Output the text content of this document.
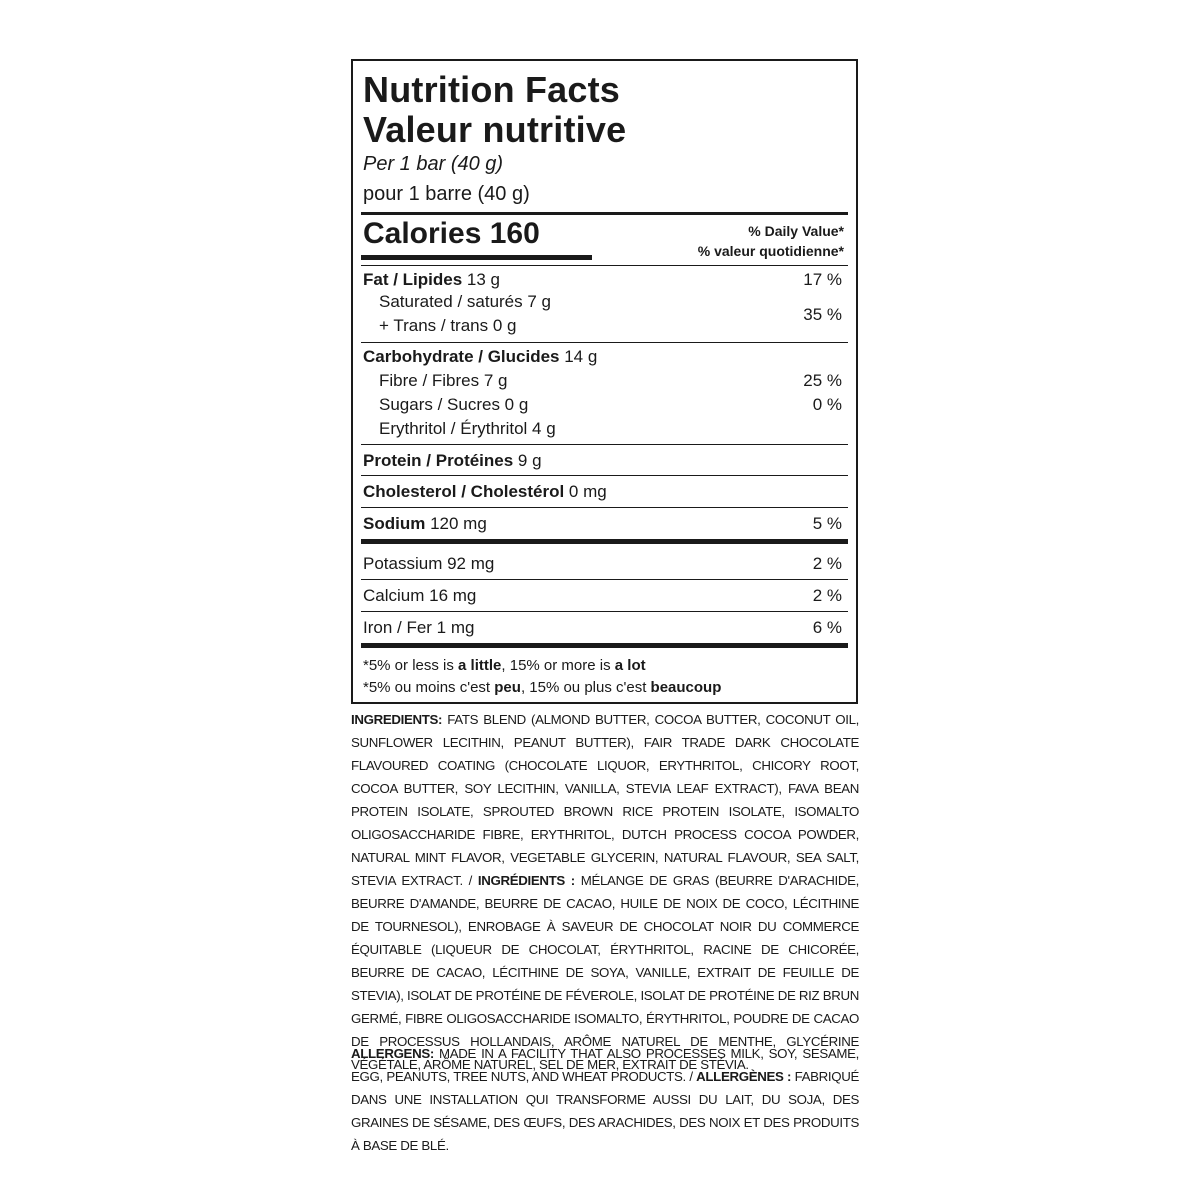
Nutrition Facts
Valeur nutritive
Per 1 bar (40 g)
pour 1 barre (40 g)
Calories 160	% Daily Value*
% valeur quotidienne*
Fat / Lipides 13 g	17 %
Saturated / saturés 7 g
35 %
+ Trans / trans 0 g
Carbohydrate / Glucides 14 g
Fibre / Fibres 7 g	25 %
Sugars / Sucres 0 g	0 %
Erythritol / Érythritol 4 g
Protein / Protéines 9 g
Cholesterol / Cholestérol 0 mg
Sodium 120 mg	5 %
Potassium 92 mg	2 %
Calcium 16 mg	2 %
Iron / Fer 1 mg	6 %
*5% or less is a little, 15% or more is a lot
*5% ou moins c'est peu, 15% ou plus c'est beaucoup
INGREDIENTS: FATS BLEND (ALMOND BUTTER, COCOA BUTTER, COCONUT OIL, SUNFLOWER LECITHIN, PEANUT BUTTER), FAIR TRADE DARK CHOCOLATE FLAVOURED COATING (CHOCOLATE LIQUOR, ERYTHRITOL, CHICORY ROOT, COCOA BUTTER, SOY LECITHIN, VANILLA, STEVIA LEAF EXTRACT), FAVA BEAN PROTEIN ISOLATE, SPROUTED BROWN RICE PROTEIN ISOLATE, ISOMALTO OLIGOSACCHARIDE FIBRE, ERYTHRITOL, DUTCH PROCESS COCOA POWDER, NATURAL MINT FLAVOR, VEGETABLE GLYCERIN, NATURAL FLAVOUR, SEA SALT, STEVIA EXTRACT. / INGRÉDIENTS : MÉLANGE DE GRAS (BEURRE D'ARACHIDE, BEURRE D'AMANDE, BEURRE DE CACAO, HUILE DE NOIX DE COCO, LÉCITHINE DE TOURNESOL), ENROBAGE À SAVEUR DE CHOCOLAT NOIR DU COMMERCE ÉQUITABLE (LIQUEUR DE CHOCOLAT, ÉRYTHRITOL, RACINE DE CHICORÉE, BEURRE DE CACAO, LÉCITHINE DE SOYA, VANILLE, EXTRAIT DE FEUILLE DE STEVIA), ISOLAT DE PROTÉINE DE FÉVEROLE, ISOLAT DE PROTÉINE DE RIZ BRUN GERMÉ, FIBRE OLIGOSACCHARIDE ISOMALTO, ÉRYTHRITOL, POUDRE DE CACAO DE PROCESSUS HOLLANDAIS, ARÔME NATUREL DE MENTHE, GLYCÉRINE VÉGÉTALE, ARÔME NATUREL, SEL DE MER, EXTRAIT DE STÉVIA.
ALLERGENS: MADE IN A FACILITY THAT ALSO PROCESSES MILK, SOY, SESAME, EGG, PEANUTS, TREE NUTS, AND WHEAT PRODUCTS. / ALLERGÈNES : FABRIQUÉ DANS UNE INSTALLATION QUI TRANSFORME AUSSI DU LAIT, DU SOJA, DES GRAINES DE SÉSAME, DES ŒUFS, DES ARACHIDES, DES NOIX ET DES PRODUITS À BASE DE BLÉ.
